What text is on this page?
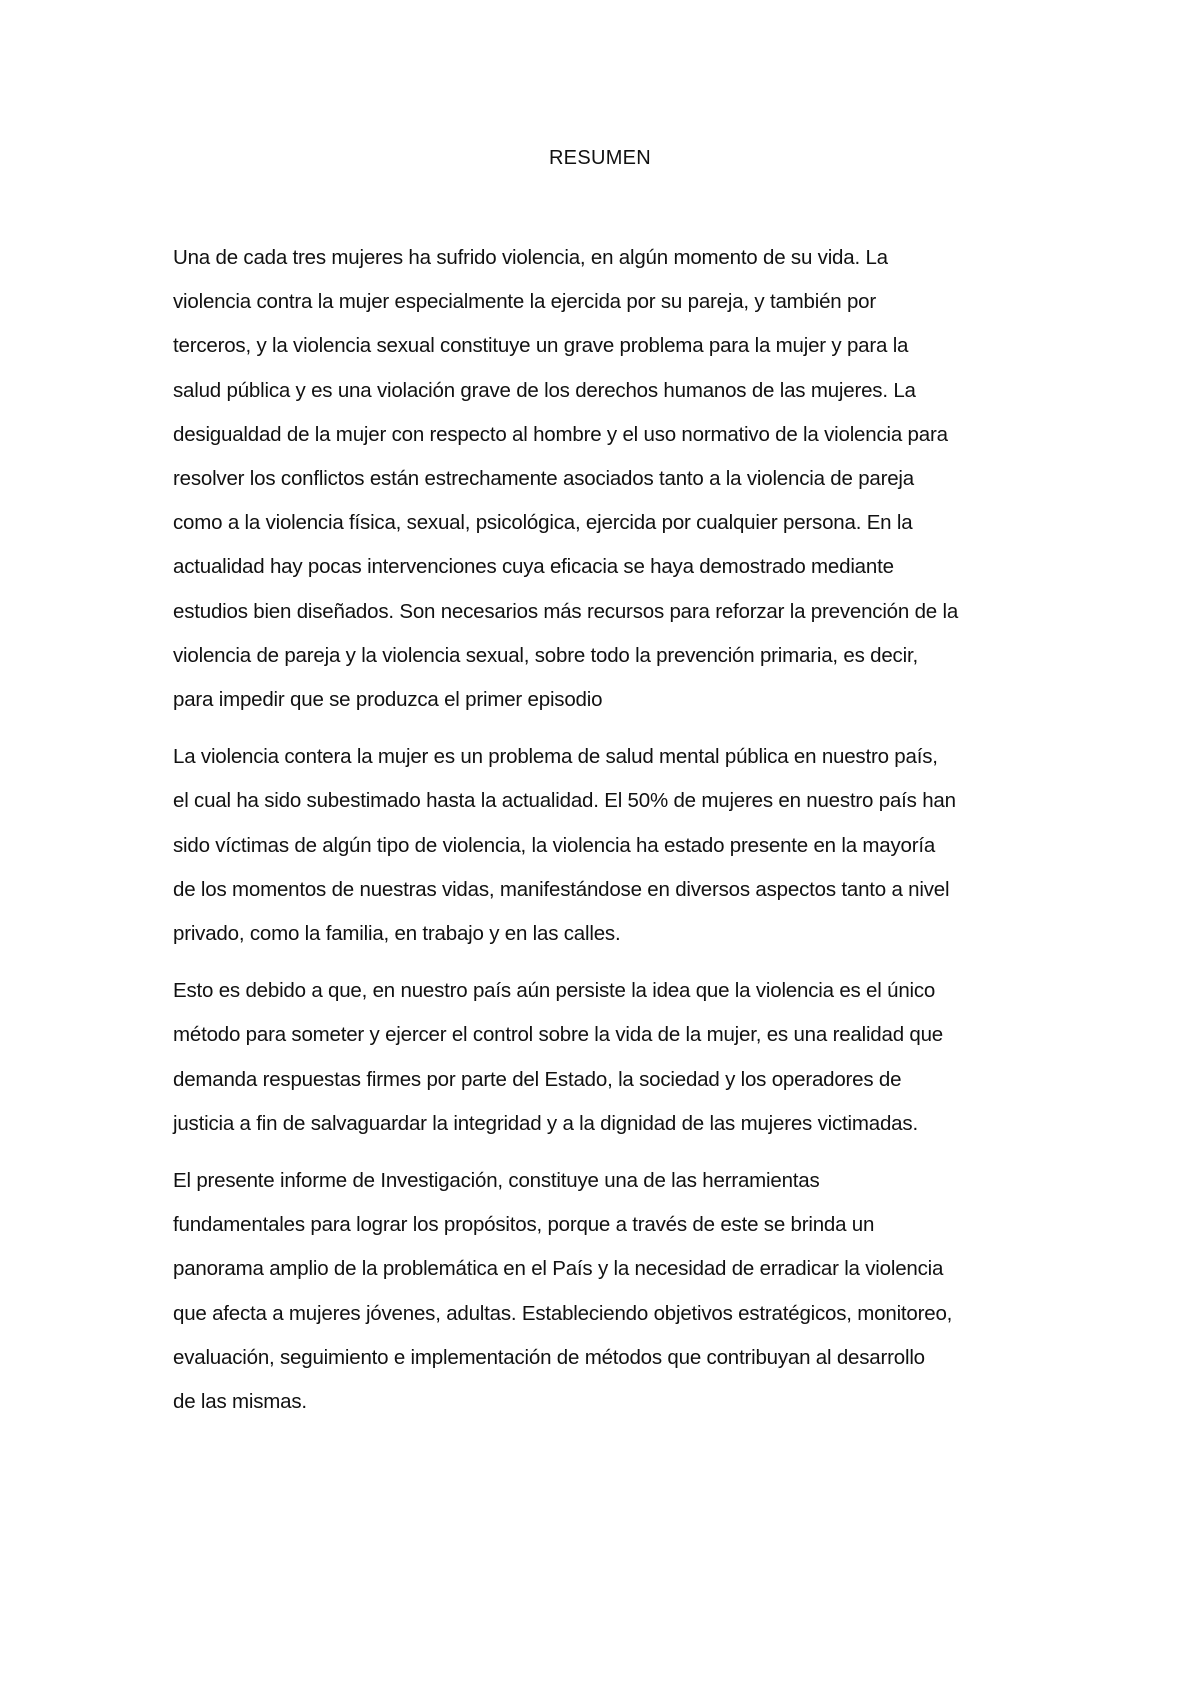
RESUMEN

Una de cada tres mujeres ha sufrido violencia, en algún momento de su vida. La
violencia contra la mujer especialmente la ejercida por su pareja, y también por
terceros, y la violencia sexual constituye un grave problema para la mujer y para la
salud pública y es una violación grave de los derechos humanos de las mujeres. La
desigualdad de la mujer con respecto al hombre y el uso normativo de la violencia para
resolver los conflictos están estrechamente asociados tanto a la violencia de pareja
como a la violencia física, sexual, psicológica, ejercida por cualquier persona. En la
actualidad hay pocas intervenciones cuya eficacia se haya demostrado mediante
estudios bien diseñados. Son necesarios más recursos para reforzar la prevención de la
violencia de pareja y la violencia sexual, sobre todo la prevención primaria, es decir,
para impedir que se produzca el primer episodio

La violencia contera la mujer es un problema de salud mental pública en nuestro país,
el cual ha sido subestimado hasta la actualidad. El 50% de mujeres en nuestro país han
sido víctimas de algún tipo de violencia, la violencia ha estado presente en la mayoría
de los momentos de nuestras vidas, manifestándose en diversos aspectos tanto a nivel
privado, como la familia, en trabajo y en las calles.

Esto es debido a que, en nuestro país aún persiste la idea que la violencia es el único
método para someter y ejercer el control sobre la vida de la mujer, es una realidad que
demanda respuestas firmes por parte del Estado, la sociedad y los operadores de
justicia a fin de salvaguardar la integridad y a la dignidad de las mujeres victimadas.

El presente informe de Investigación, constituye una de las herramientas
fundamentales para lograr los propósitos, porque a través de este se brinda un
panorama amplio de la problemática en el País y la necesidad de erradicar la violencia
que afecta a mujeres jóvenes, adultas. Estableciendo objetivos estratégicos, monitoreo,
evaluación, seguimiento e implementación de métodos que contribuyan al desarrollo
de las mismas.
